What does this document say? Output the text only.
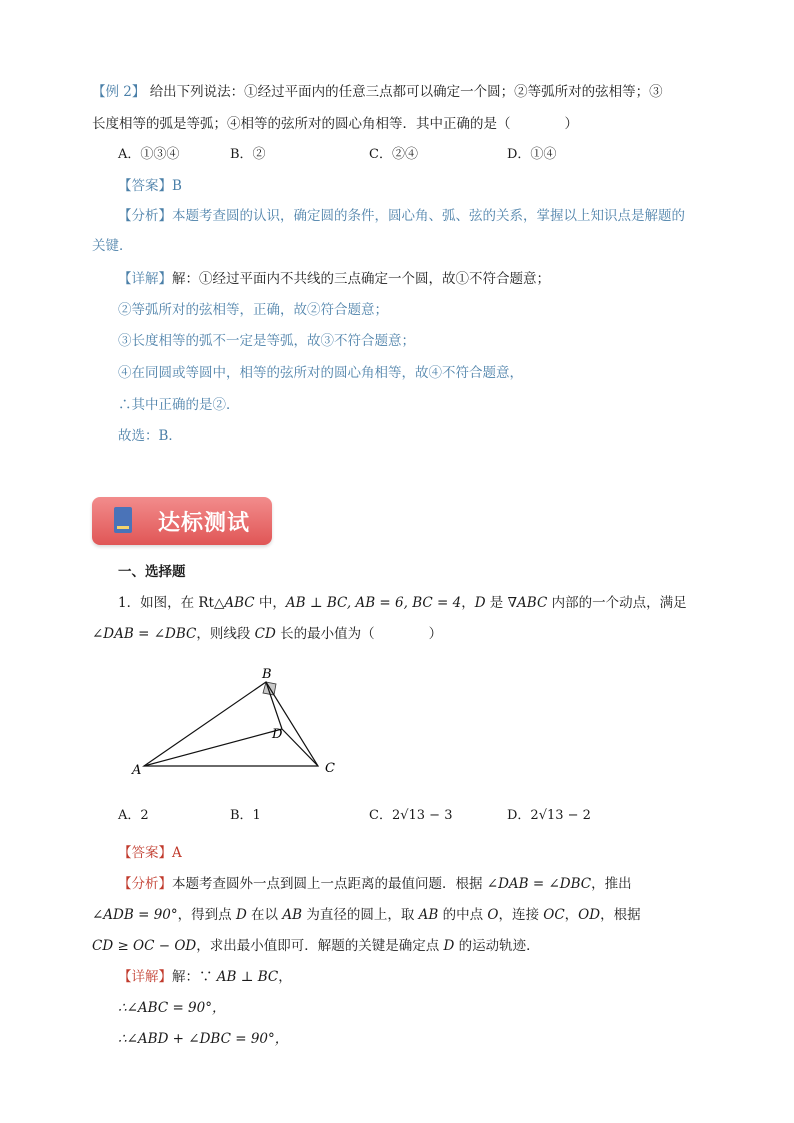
【例 2】 给出下列说法：①经过平面内的任意三点都可以确定一个圆；②等弧所对的弦相等；③
长度相等的弧是等弧；④相等的弦所对的圆心角相等．其中正确的是（　　　　）
A．①③④	B．②	C．②④	D．①④
【答案】B
【分析】本题考查圆的认识，确定圆的条件，圆心角、弧、弦的关系，掌握以上知识点是解题的
关键．
【详解】解：①经过平面内不共线的三点确定一个圆，故①不符合题意；
②等弧所对的弦相等，正确，故②符合题意；
③长度相等的弧不一定是等弧，故③不符合题意；
④在同圆或等圆中，相等的弦所对的圆心角相等，故④不符合题意，
∴其中正确的是②．
故选：B．
达标测试
一、选择题
1．如图，在 Rt△ABC 中，AB ⊥ BC, AB = 6, BC = 4，D 是 ∇ABC 内部的一个动点，满足
∠DAB = ∠DBC，则线段 CD 长的最小值为（　　　　）
B
D
A	C
A．2	B．1	C．2√13 − 3	D．2√13 − 2
【答案】A
【分析】本题考查圆外一点到圆上一点距离的最值问题．根据 ∠DAB = ∠DBC，推出
∠ADB = 90°，得到点 D 在以 AB 为直径的圆上，取 AB 的中点 O，连接 OC，OD，根据
CD ≥ OC − OD，求出最小值即可．解题的关键是确定点 D 的运动轨迹．
【详解】解：∵ AB ⊥ BC，
∴∠ABC = 90°，
∴∠ABD + ∠DBC = 90°，
